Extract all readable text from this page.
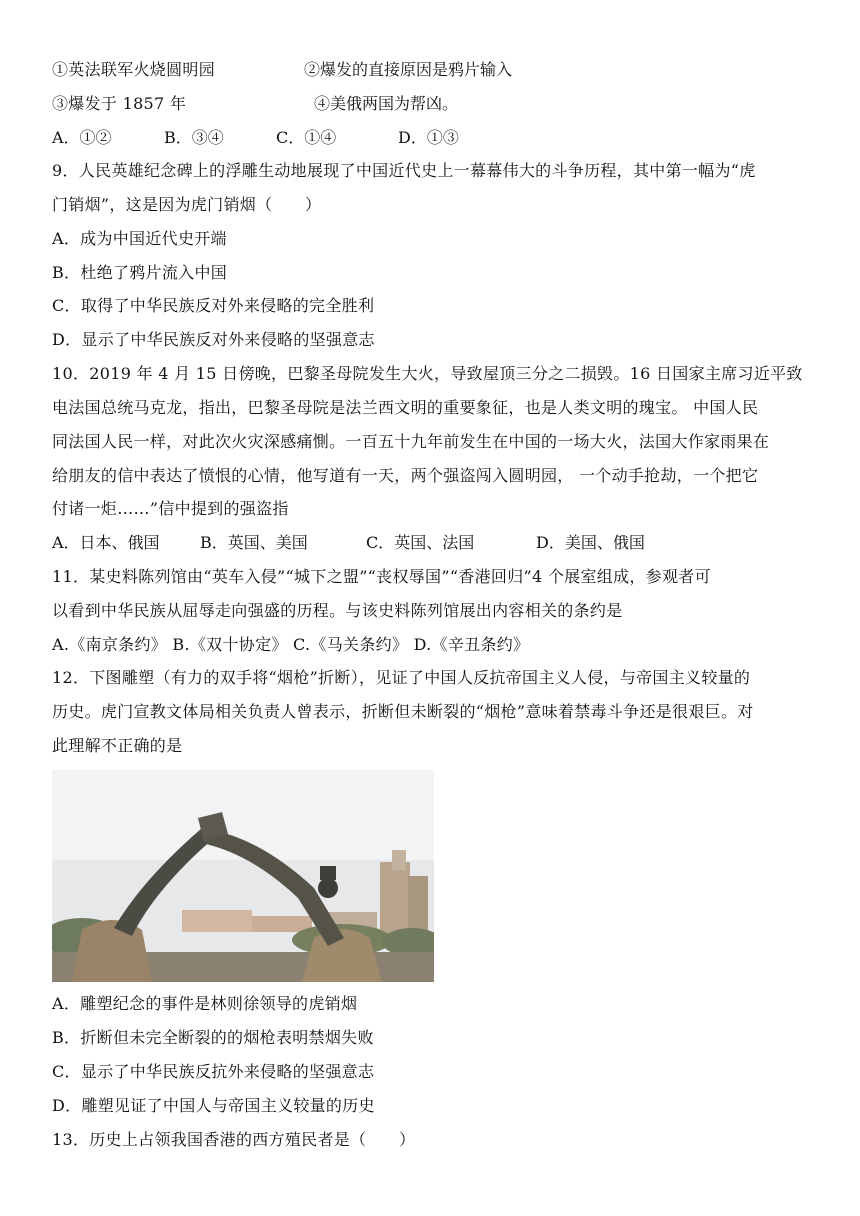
①英法联军火烧圆明园	②爆发的直接原因是鸦片输入
③爆发于 1857 年	④美俄两国为帮凶。
A．①②	B．③④	C．①④	D．①③
9．人民英雄纪念碑上的浮雕生动地展现了中国近代史上一幕幕伟大的斗争历程，其中第一幅为“虎
门销烟”，这是因为虎门销烟（　　）
A．成为中国近代史开端
B．杜绝了鸦片流入中国
C．取得了中华民族反对外来侵略的完全胜利
D．显示了中华民族反对外来侵略的坚强意志
10．2019 年 4 月 15 日傍晚，巴黎圣母院发生大火，导致屋顶三分之二损毁。16 日国家主席习近平致
电法国总统马克龙，指出，巴黎圣母院是法兰西文明的重要象征，也是人类文明的瑰宝。 中国人民
同法国人民一样，对此次火灾深感痛惻。一百五十九年前发生在中国的一场大火，法国大作家雨果在
给朋友的信中表达了愤恨的心情，他写道有一天，两个强盗闯入圆明园， 一个动手抢劫，一个把它
付诸一炬……”信中提到的强盗指
A．日本、俄国	B．英国、美国	C．英国、法国	D．美国、俄国
11．某史料陈列馆由“英车入侵”“城下之盟”“丧权辱国”“香港回归”4 个展室组成，参观者可
以看到中华民族从屈辱走向强盛的历程。与该史料陈列馆展出内容相关的条约是
A.《南京条约》 B.《双十协定》 C.《马关条约》 D.《辛丑条约》
12．下图雕塑（有力的双手将“烟枪”折断），见证了中国人反抗帝国主义人侵，与帝国主义较量的
历史。虎门宣教文体局相关负责人曾表示，折断但未断裂的“烟枪”意味着禁毒斗争还是很艰巨。对
此理解不正确的是
A．雕塑纪念的事件是林则徐领导的虎销烟
B．折断但未完全断裂的的烟枪表明禁烟失败
C．显示了中华民族反抗外来侵略的坚强意志
D．雕塑见证了中国人与帝国主义较量的历史
13．历史上占领我国香港的西方殖民者是（　　）
